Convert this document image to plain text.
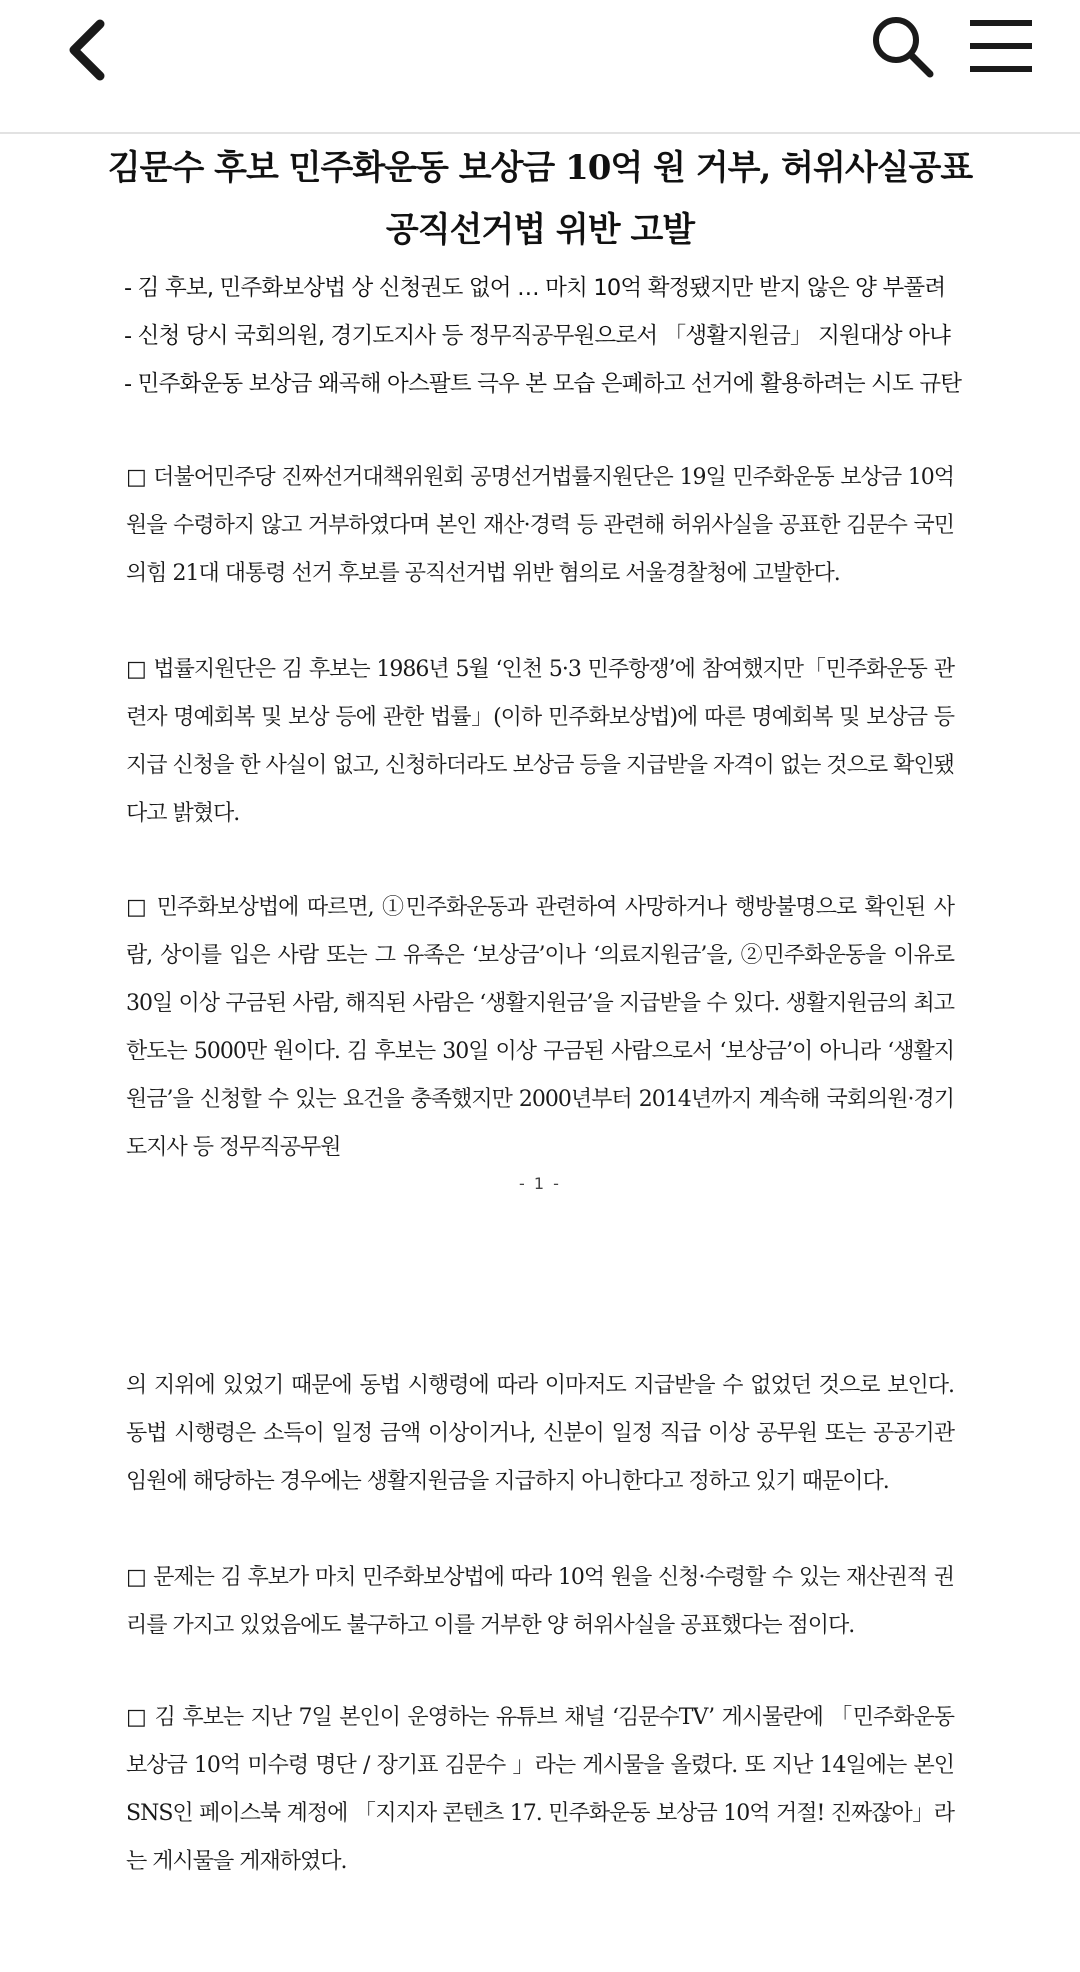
김문수 후보 민주화운동 보상금 10억 원 거부, 허위사실공표
공직선거법 위반 고발
- 김 후보, 민주화보상법 상 신청권도 없어 … 마치 10억 확정됐지만 받지 않은 양 부풀려
- 신청 당시 국회의원, 경기도지사 등 정무직공무원으로서 「생활지원금」 지원대상 아냐
- 민주화운동 보상금 왜곡해 아스팔트 극우 본 모습 은폐하고 선거에 활용하려는 시도 규탄
□ 더불어민주당 진짜선거대책위원회 공명선거법률지원단은 19일 민주화운동 보상금 10억 원을 수령하지 않고 거부하였다며 본인 재산·경력 등 관련해 허위사실을 공표한 김문수 국민의힘 21대 대통령 선거 후보를 공직선거법 위반 혐의로 서울경찰청에 고발한다.
□ 법률지원단은 김 후보는 1986년 5월 ‘인천 5·3 민주항쟁’에 참여했지만「민주화운동 관련자 명예회복 및 보상 등에 관한 법률」(이하 민주화보상법)에 따른 명예회복 및 보상금 등 지급 신청을 한 사실이 없고, 신청하더라도 보상금 등을 지급받을 자격이 없는 것으로 확인됐다고 밝혔다.
□ 민주화보상법에 따르면, ①민주화운동과 관련하여 사망하거나 행방불명으로 확인된 사람, 상이를 입은 사람 또는 그 유족은 ‘보상금’이나 ‘의료지원금’을, ②민주화운동을 이유로 30일 이상 구금된 사람, 해직된 사람은 ‘생활지원금’을 지급받을 수 있다. 생활지원금의 최고한도는 5000만 원이다. 김 후보는 30일 이상 구금된 사람으로서 ‘보상금’이 아니라 ‘생활지원금’을 신청할 수 있는 요건을 충족했지만 2000년부터 2014년까지 계속해 국회의원·경기도지사 등 정무직공무원
- 1 -
의 지위에 있었기 때문에 동법 시행령에 따라 이마저도 지급받을 수 없었던 것으로 보인다. 동법 시행령은 소득이 일정 금액 이상이거나, 신분이 일정 직급 이상 공무원 또는 공공기관 임원에 해당하는 경우에는 생활지원금을 지급하지 아니한다고 정하고 있기 때문이다.
□ 문제는 김 후보가 마치 민주화보상법에 따라 10억 원을 신청·수령할 수 있는 재산권적 권리를 가지고 있었음에도 불구하고 이를 거부한 양 허위사실을 공표했다는 점이다.
□ 김 후보는 지난 7일 본인이 운영하는 유튜브 채널 ‘김문수TV’ 게시물란에 「민주화운동 보상금 10억 미수령 명단 / 장기표 김문수 」라는 게시물을 올렸다. 또 지난 14일에는 본인 SNS인 페이스북 계정에 「지지자 콘텐츠 17. 민주화운동 보상금 10억 거절! 진짜잖아」라는 게시물을 게재하였다.
